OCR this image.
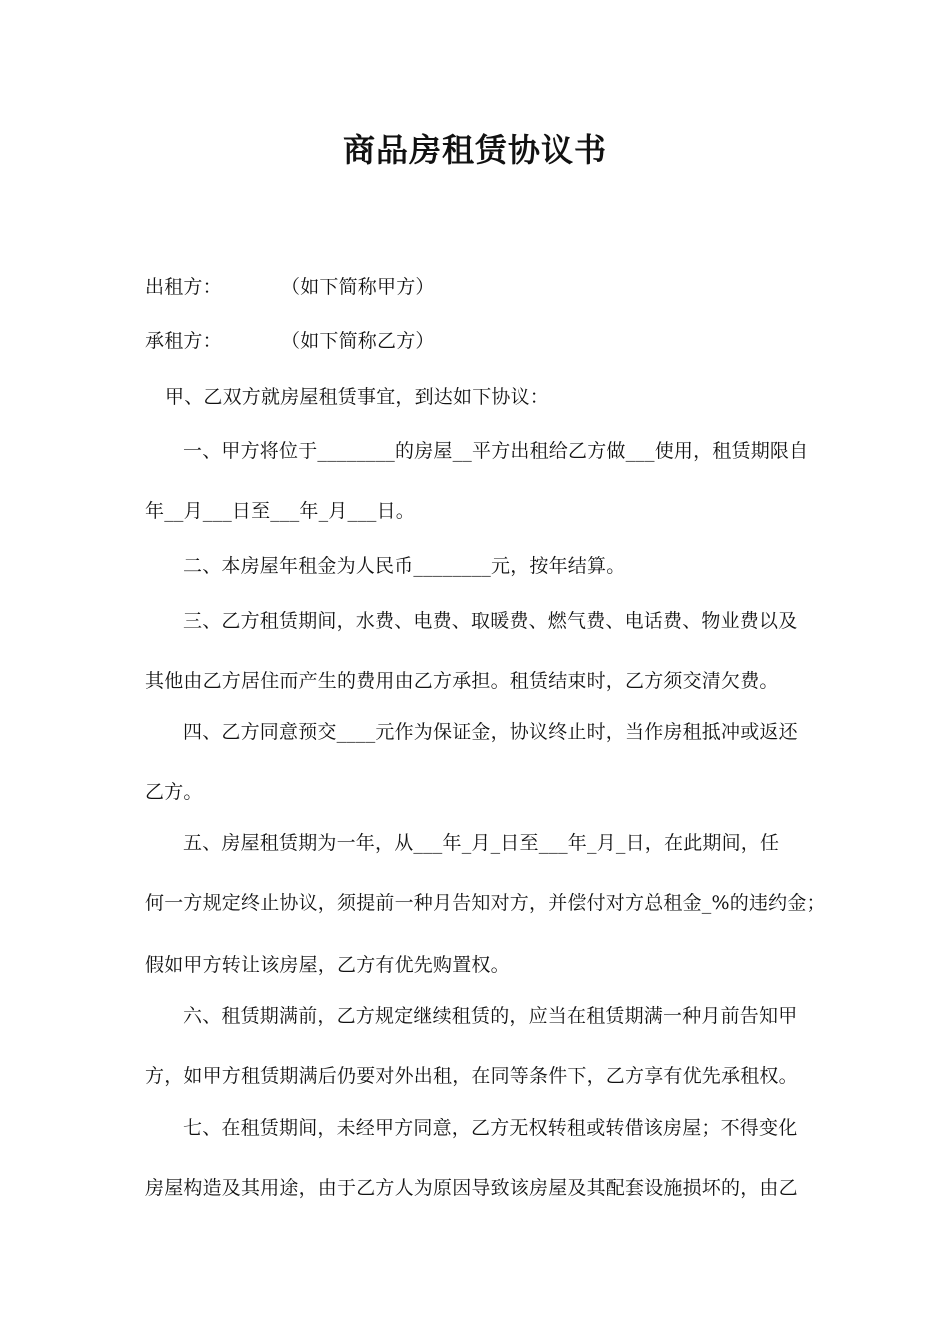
商品房租赁协议书
出租方：	（如下简称甲方）
承租方：	（如下简称乙方）
甲、乙双方就房屋租赁事宜，到达如下协议：
一、甲方将位于________的房屋__平方出租给乙方做___使用，租赁期限自
年__月___日至___年_月___日。
二、本房屋年租金为人民币________元，按年结算。
三、乙方租赁期间，水费、电费、取暖费、燃气费、电话费、物业费以及
其他由乙方居住而产生的费用由乙方承担。租赁结束时，乙方须交清欠费。
四、乙方同意预交____元作为保证金，协议终止时，当作房租抵冲或返还
乙方。
五、房屋租赁期为一年，从___年_月_日至___年_月_日，在此期间，任
何一方规定终止协议，须提前一种月告知对方，并偿付对方总租金_%的违约金；
假如甲方转让该房屋，乙方有优先购置权。
六、租赁期满前，乙方规定继续租赁的，应当在租赁期满一种月前告知甲
方，如甲方租赁期满后仍要对外出租，在同等条件下，乙方享有优先承租权。
七、在租赁期间，未经甲方同意，乙方无权转租或转借该房屋；不得变化
房屋构造及其用途，由于乙方人为原因导致该房屋及其配套设施损坏的，由乙
